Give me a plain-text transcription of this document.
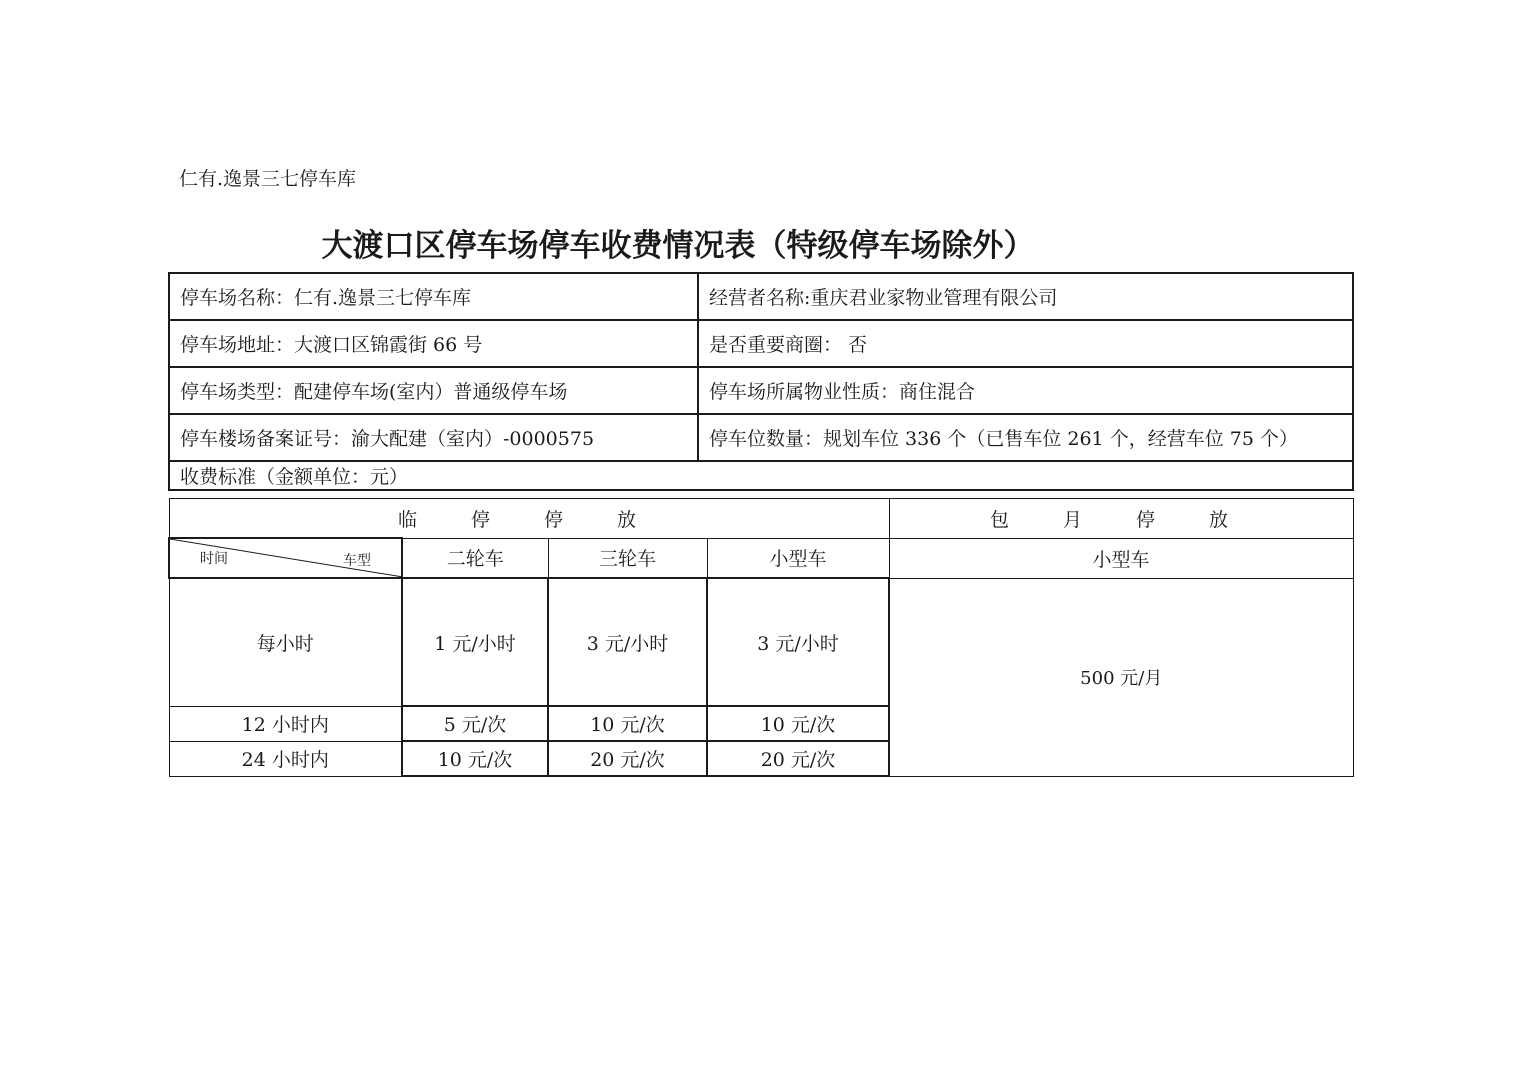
仁有.逸景三七停车库
大渡口区停车场停车收费情况表（特级停车场除外）
停车场名称：仁有.逸景三七停车库	经营者名称:重庆君业家物业管理有限公司
停车场地址：大渡口区锦霞街 66 号	是否重要商圈： 否
停车场类型：配建停车场(室内）普通级停车场	停车场所属物业性质：商住混合
停车楼场备案证号：渝大配建（室内）-0000575	停车位数量：规划车位 336 个（已售车位 261 个，经营车位 75 个）
收费标准（金额单位：元）	
临 停 停 放				包 月 停 放

时间 车型	二轮车	三轮车	小型车	小型车
每小时	1 元/小时	3 元/小时	3 元/小时	500 元/月
12 小时内	5 元/次	10 元/次	10 元/次	
24 小时内	10 元/次	20 元/次	20 元/次	
